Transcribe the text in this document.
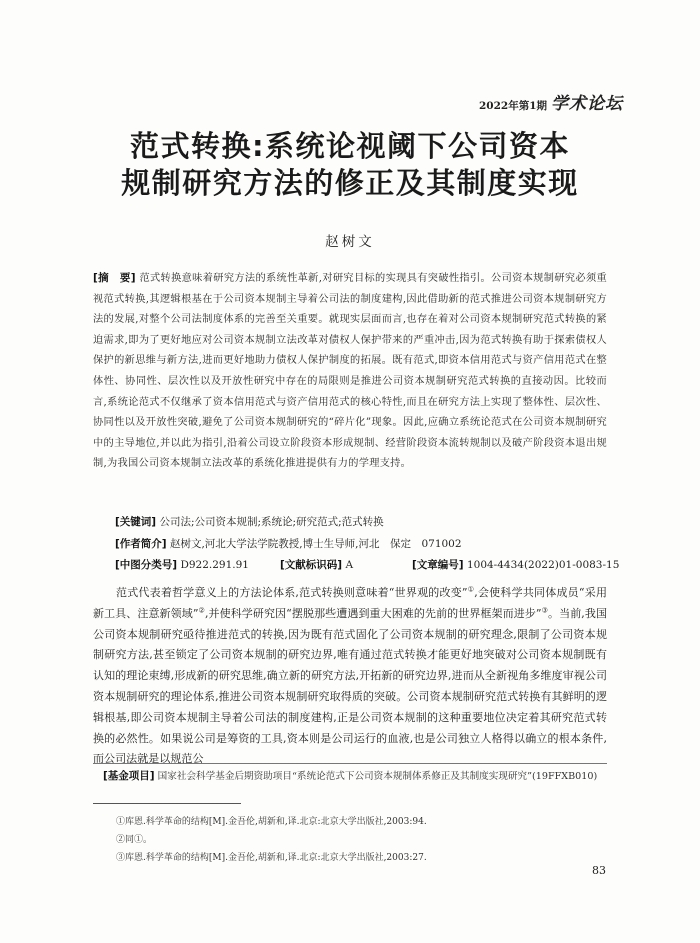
2022年第1期 学术论坛
范式转换:系统论视阈下公司资本
规制研究方法的修正及其制度实现
赵树文
[摘　要] 范式转换意味着研究方法的系统性革新,对研究目标的实现具有突破性指引。公司资本规制研究必须重视范式转换,其逻辑根基在于公司资本规制主导着公司法的制度建构,因此借助新的范式推进公司资本规制研究方法的发展,对整个公司法制度体系的完善至关重要。就现实层面而言,也存在着对公司资本规制研究范式转换的紧迫需求,即为了更好地应对公司资本规制立法改革对债权人保护带来的严重冲击,因为范式转换有助于探索债权人保护的新思维与新方法,进而更好地助力债权人保护制度的拓展。既有范式,即资本信用范式与资产信用范式在整体性、协同性、层次性以及开放性研究中存在的局限则是推进公司资本规制研究范式转换的直接动因。比较而言,系统论范式不仅继承了资本信用范式与资产信用范式的核心特性,而且在研究方法上实现了整体性、层次性、协同性以及开放性突破,避免了公司资本规制研究的“碎片化”现象。因此,应确立系统论范式在公司资本规制研究中的主导地位,并以此为指引,沿着公司设立阶段资本形成规制、经营阶段资本流转规制以及破产阶段资本退出规制,为我国公司资本规制立法改革的系统化推进提供有力的学理支持。
[关键词] 公司法;公司资本规制;系统论;研究范式;范式转换
[作者简介] 赵树文,河北大学法学院教授,博士生导师,河北　保定　071002
[中图分类号] D922.291.91	[文献标识码] A	[文章编号] 1004-4434(2022)01-0083-15

范式代表着哲学意义上的方法论体系,范式转换则意味着“世界观的改变”①,会使科学共同体成员“采用新工具、注意新领域”②,并使科学研究因“摆脱那些遭遇到重大困难的先前的世界框架而进步”③。当前,我国公司资本规制研究亟待推进范式的转换,因为既有范式固化了公司资本规制的研究理念,限制了公司资本规制研究方法,甚至锁定了公司资本规制的研究边界,唯有通过范式转换才能更好地突破对公司资本规制既有认知的理论束缚,形成新的研究思维,确立新的研究方法,开拓新的研究边界,进而从全新视角多维度审视公司资本规制研究的理论体系,推进公司资本规制研究取得质的突破。公司资本规制研究范式转换有其鲜明的逻辑根基,即公司资本规制主导着公司法的制度建构,正是公司资本规制的这种重要地位决定着其研究范式转换的必然性。如果说公司是筹资的工具,资本则是公司运行的血液,也是公司独立人格得以确立的根本条件,而公司法就是以规范公

[基金项目] 国家社会科学基金后期资助项目“系统论范式下公司资本规制体系修正及其制度实现研究”(19FFXB010)
①库恩.科学革命的结构[M].金吾伦,胡新和,译.北京:北京大学出版社,2003:94.
②同①。
③库恩.科学革命的结构[M].金吾伦,胡新和,译.北京:北京大学出版社,2003:27.
83
